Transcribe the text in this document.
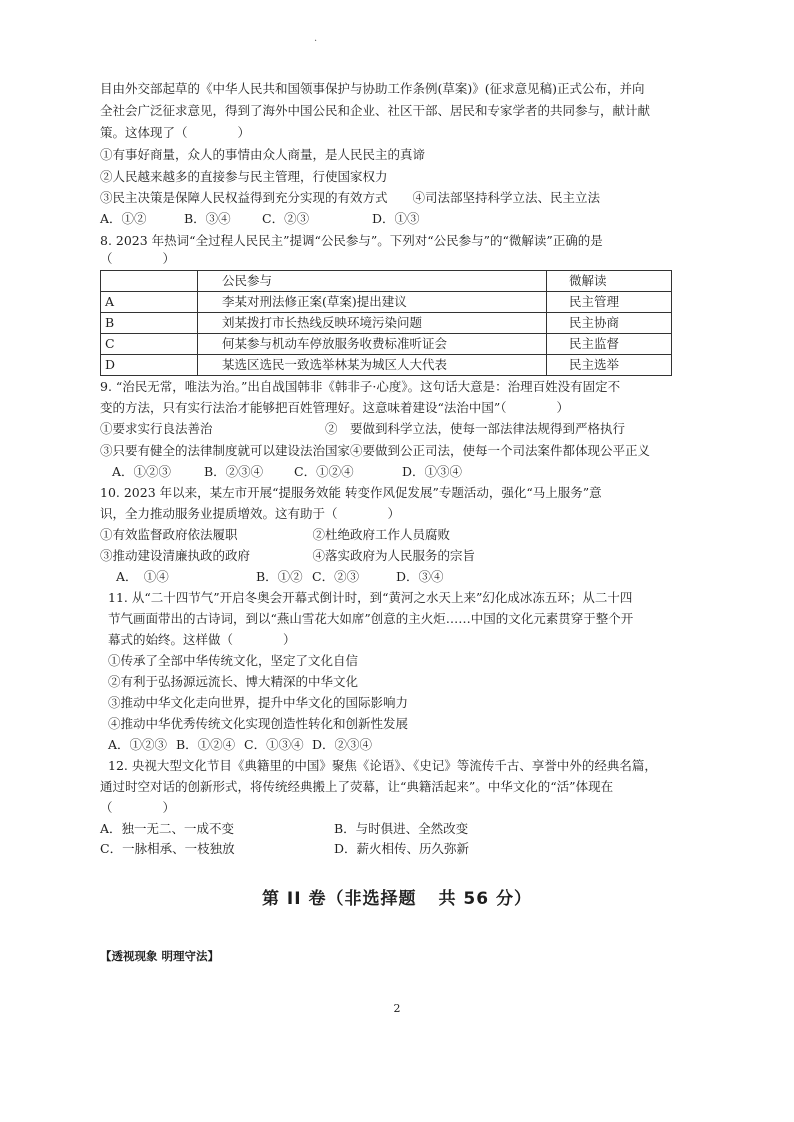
·
目由外交部起草的《中华人民共和国领事保护与协助工作条例(草案)》(征求意见稿)正式公布，并向
全社会广泛征求意见，得到了海外中国公民和企业、社区干部、居民和专家学者的共同参与，献计献
策。这体现了（　　　　）
①有事好商量，众人的事情由众人商量，是人民民主的真谛
②人民越来越多的直接参与民主管理，行使国家权力
③民主决策是保障人民权益得到充分实现的有效方式　　④司法部坚持科学立法、民主立法
A．①②	B．③④	C．②③	D．①③
8. 2023 年热词“全过程人民民主”提调“公民参与”。下列对“公民参与”的“微解读”正确的是
（　　　　）
	公民参与	微解读
A	李某对刑法修正案(草案)提出建议	民主管理
B	刘某拨打市长热线反映环境污染问题	民主协商
C	何某参与机动车停放服务收费标准听证会	民主监督
D	某选区选民一致选举林某为城区人大代表	民主选举
9. “治民无常，唯法为治。”出自战国韩非《韩非子·心度》。这句话大意是：治理百姓没有固定不
变的方法，只有实行法治才能够把百姓管理好。这意味着建设“法治中国”（　　　　）
①要求实行良法善治　　　　　　　　　②　要做到科学立法，使每一部法律法规得到严格执行
③只要有健全的法律制度就可以建设法治国家④要做到公正司法，使每一个司法案件都体现公平正义
A．①②③	B．②③④ C．①②④	D．①③④
10. 2023 年以来，某左市开展“提服务效能 转变作风促发展”专题活动，强化“马上服务”意
识，全力推动服务业提质增效。这有助于（　　　　）
①有效监督政府依法履职　　　　　　②杜绝政府工作人员腐败
③推动建设清廉执政的政府　　　　　④落实政府为人民服务的宗旨
A．　①④	B．①② C．②③	D．③④
11. 从“二十四节气”开启冬奥会开幕式倒计时，到“黄河之水天上来”幻化成冰冻五环；从二十四
节气画面带出的古诗词，到以“燕山雪花大如席”创意的主火炬……中国的文化元素贯穿于整个开
幕式的始终。这样做（　　　　）
①传承了全部中华传统文化，坚定了文化自信
②有利于弘扬源远流长、博大精深的中华文化
③推动中华文化走向世界，提升中华文化的国际影响力
④推动中华优秀传统文化实现创造性转化和创新性发展
A．①②③ B．①②④ C．①③④ D．②③④
12. 央视大型文化节目《典籍里的中国》聚焦《论语》、《史记》等流传千古、享誉中外的经典名篇，
通过时空对话的创新形式，将传统经典搬上了荧幕，让“典籍活起来”。中华文化的“活”体现在
（　　　　）
A．独一无二、一成不变	B．与时俱进、全然改变
C．一脉相承、一枝独放	D．薪火相传、历久弥新
第 II 卷（非选择题 共 56 分）
【透视现象 明理守法】
2
